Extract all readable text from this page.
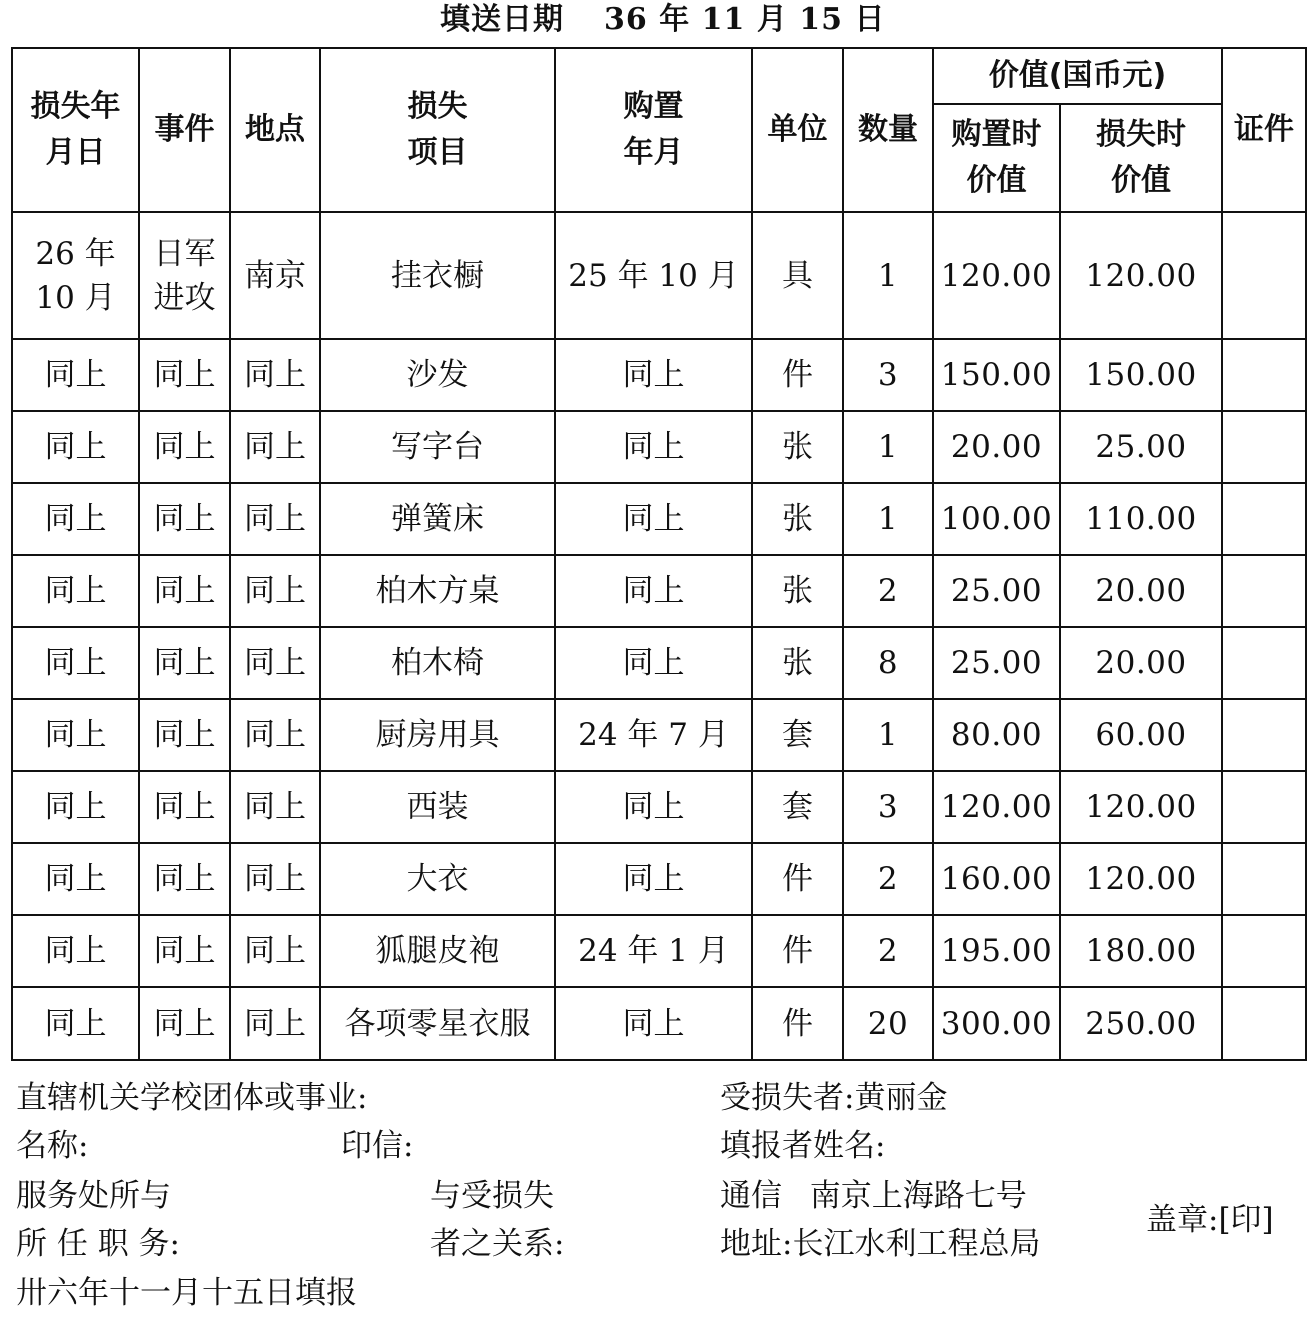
填送日期 36 年 11 月 15 日
损失年月日	事件	地点	损失项目	购置年月	单位	数量	价值(国币元)		证件

							购置时价值	损失时价值	

26 年 10 月	日军进攻	南京	挂衣橱	25 年 10 月	具	1	120.00	120.00	
同上	同上	同上	沙发	同上	件	3	150.00	150.00	
同上	同上	同上	写字台	同上	张	1	20.00	25.00	
同上	同上	同上	弹簧床	同上	张	1	100.00	110.00	
同上	同上	同上	柏木方桌	同上	张	2	25.00	20.00	
同上	同上	同上	柏木椅	同上	张	8	25.00	20.00	
同上	同上	同上	厨房用具	24 年 7 月	套	1	80.00	60.00	
同上	同上	同上	西装	同上	套	3	120.00	120.00	
同上	同上	同上	大衣	同上	件	2	160.00	120.00	
同上	同上	同上	狐腿皮袍	24 年 1 月	件	2	195.00	180.00	
同上	同上	同上	各项零星衣服	同上	件	20	300.00	250.00	
直辖机关学校团体或事业:
名称:	印信:
服务处所与
所 任 职 务:
与受损失
者之关系:
受损失者:黄丽金
填报者姓名:
通信 南京上海路七号
地址:长江水利工程总局
盖章:[印]
卅六年十一月十五日填报
